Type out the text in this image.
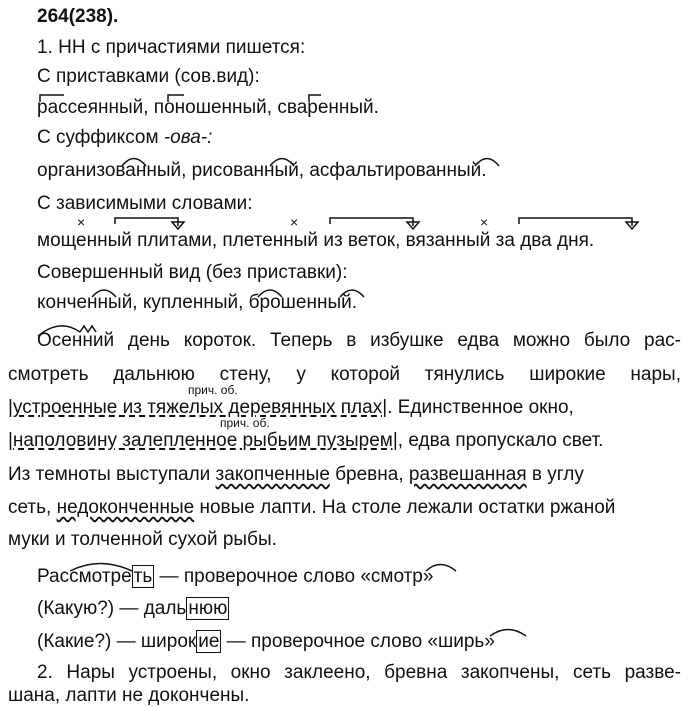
264(238).
1. НН с причастиями пишется:
С приставками (сов.вид):
рассеянный, поношенный, сваренный.
С суффиксом -ова-:
организованный, рисованный, асфальтированный.
С зависимыми словами:
мощенный плитами, плетенный из веток, вязанный за два дня.
Совершенный вид (без приставки):
конченный, купленный, брошенный.
Осенний день короток. Теперь в избушке едва можно было рас-
смотреть дальнюю стену, у которой тянулись широкие нары,
прич. об.
|устроенные из тяжелых деревянных плах|. Единственное окно,
прич. об.
|наполовину залепленное рыбьим пузырем|, едва пропускало свет.
Из темноты выступали закопченные бревна, развешанная в углу
сеть, недоконченные новые лапти. На столе лежали остатки ржаной
муки и толченной сухой рыбы.
Рассмотре ть — проверочное слово «смотр»
(Какую?) — даль нюю
(Какие?) — широк ие — проверочное слово «ширь»
2. Нары устроены, окно заклеено, бревна закопчены, сеть разве-
шана, лапти не докончены.
×	×	×
